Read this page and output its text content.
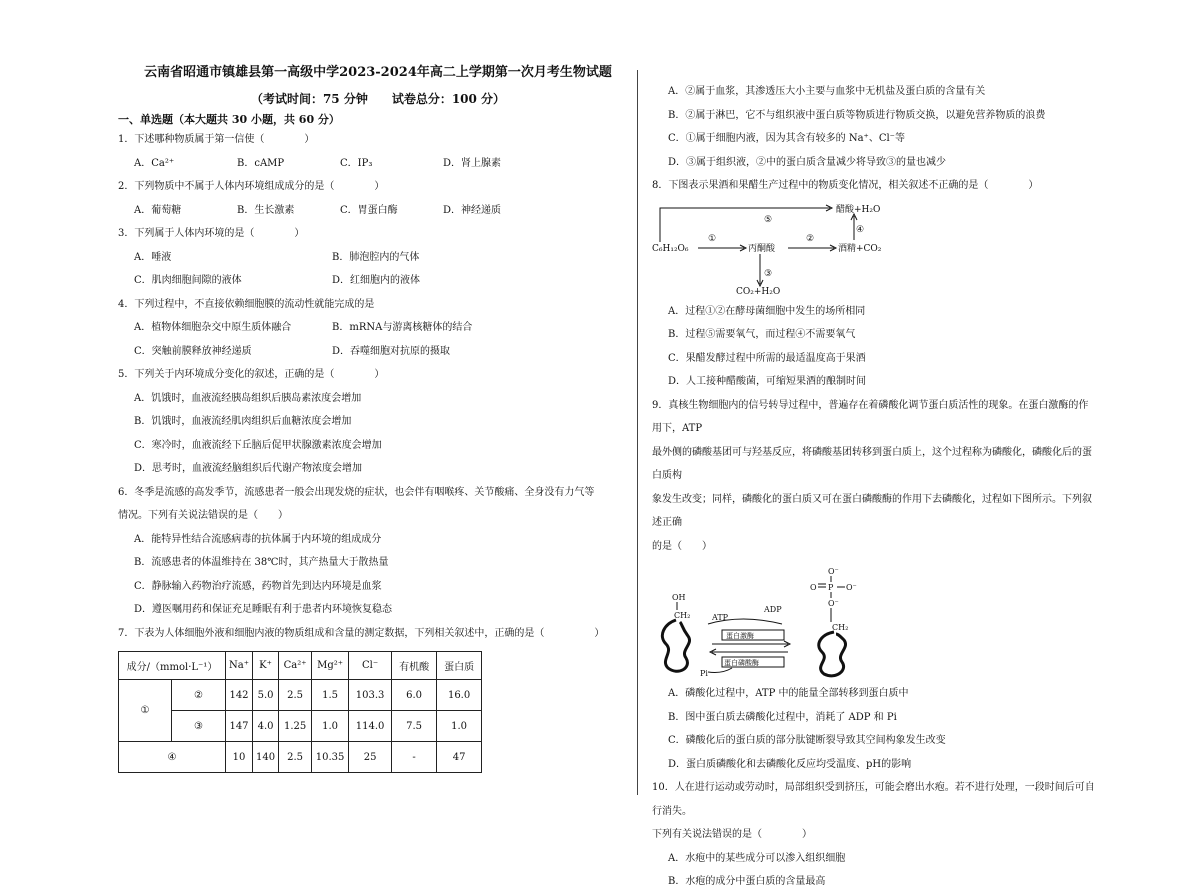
云南省昭通市镇雄县第一高级中学2023-2024年高二上学期第一次月考生物试题
（考试时间：75 分钟　　试卷总分：100 分）
一、单选题（本大题共 30 小题，共 60 分）
1．下述哪种物质属于第一信使（　　　　）
A．Ca²⁺	B．cAMP	C．IP₃	D．肾上腺素
2．下列物质中不属于人体内环境组成成分的是（　　　　）
A．葡萄糖	B．生长激素	C．胃蛋白酶	D．神经递质
3．下列属于人体内环境的是（　　　　）
A．唾液	B．肺泡腔内的气体
C．肌肉细胞间隙的液体	D．红细胞内的液体
4．下列过程中，不直接依赖细胞膜的流动性就能完成的是
A．植物体细胞杂交中原生质体融合	B．mRNA与游离核糖体的结合
C．突触前膜释放神经递质	D．吞噬细胞对抗原的摄取
5．下列关于内环境成分变化的叙述，正确的是（　　　　）
A．饥饿时，血液流经胰岛组织后胰岛素浓度会增加
B．饥饿时，血液流经肌肉组织后血糖浓度会增加
C．寒冷时，血液流经下丘脑后促甲状腺激素浓度会增加
D．思考时，血液流经脑组织后代谢产物浓度会增加
6．冬季是流感的高发季节，流感患者一般会出现发烧的症状，也会伴有咽喉疼、关节酸痛、全身没有力气等
情况。下列有关说法错误的是（　　）
A．能特异性结合流感病毒的抗体属于内环境的组成成分
B．流感患者的体温维持在 38℃时，其产热量大于散热量
C．静脉输入药物治疗流感，药物首先到达内环境是血浆
D．遵医嘱用药和保证充足睡眠有利于患者内环境恢复稳态
7．下表为人体细胞外液和细胞内液的物质组成和含量的测定数据，下列相关叙述中，正确的是（　　　　　）
成分/（mmol·L⁻¹）		Na⁺	K⁺	Ca²⁺	Mg²⁺	Cl⁻	有机酸	蛋白质
①	②	142	5.0	2.5	1.5	103.3	6.0	16.0
	③	147	4.0	1.25	1.0	114.0	7.5	1.0
④		10	140	2.5	10.35	25	-	47
A．②属于血浆，其渗透压大小主要与血浆中无机盐及蛋白质的含量有关
B．②属于淋巴，它不与组织液中蛋白质等物质进行物质交换，以避免营养物质的浪费
C．①属于细胞内液，因为其含有较多的 Na⁺、Cl⁻等
D．③属于组织液，②中的蛋白质含量减少将导致③的量也减少
8．下图表示果酒和果醋生产过程中的物质变化情况，相关叙述不正确的是（　　　　）
C₆H₁₂O₆
①
丙酮酸
②
酒精+CO₂
醋酸+H₂O
⑤
④
③
CO₂+H₂O
A．过程①②在酵母菌细胞中发生的场所相同
B．过程⑤需要氧气，而过程④不需要氧气
C．果醋发酵过程中所需的最适温度高于果酒
D．人工接种醋酸菌，可缩短果酒的酿制时间
9．真核生物细胞内的信号转导过程中，普遍存在着磷酸化调节蛋白质活性的现象。在蛋白激酶的作用下，ATP
最外侧的磷酸基团可与羟基反应，将磷酸基团转移到蛋白质上，这个过程称为磷酸化，磷酸化后的蛋白质构
象发生改变；同样，磷酸化的蛋白质又可在蛋白磷酸酶的作用下去磷酸化，过程如下图所示。下列叙述正确
的是（　　）
OH
CH₂	ATP
ADP
蛋白激酶
蛋白磷酸酶
Pi
O⁻
P
O	O⁻
O⁻
CH₂
A．磷酸化过程中，ATP 中的能量全部转移到蛋白质中
B．图中蛋白质去磷酸化过程中，消耗了 ADP 和 Pi
C．磷酸化后的蛋白质的部分肽键断裂导致其空间构象发生改变
D．蛋白质磷酸化和去磷酸化反应均受温度、pH的影响
10．人在进行运动或劳动时，局部组织受到挤压，可能会磨出水疱。若不进行处理，一段时间后可自行消失。
下列有关说法错误的是（　　　　）
A．水疱中的某些成分可以渗入组织细胞
B．水疱的成分中蛋白质的含量最高
